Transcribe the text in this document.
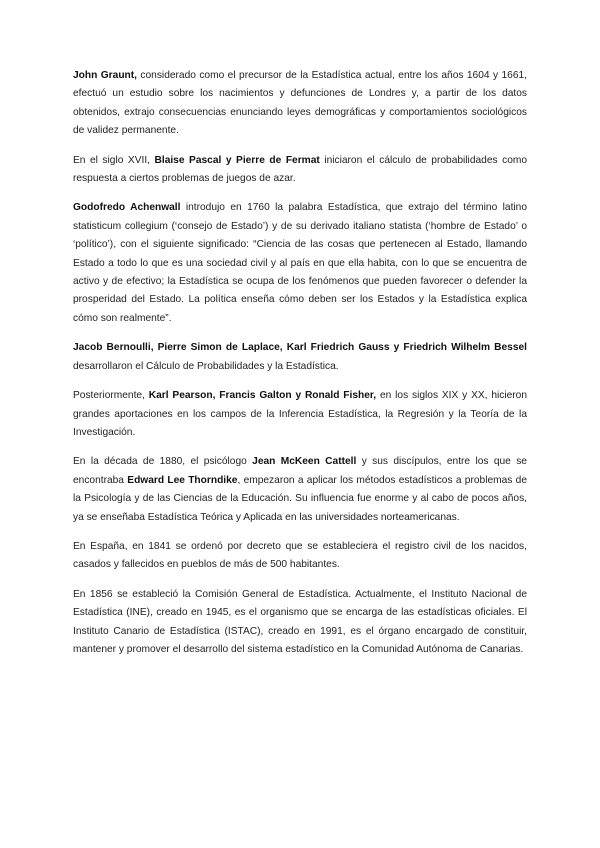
John Graunt, considerado como el precursor de la Estadística actual, entre los años 1604 y 1661, efectuó un estudio sobre los nacimientos y defunciones de Londres y, a partir de los datos obtenidos, extrajo consecuencias enunciando leyes demográficas y comportamientos sociológicos de validez permanente.

En el siglo XVII, Blaise Pascal y Pierre de Fermat iniciaron el cálculo de probabilidades como respuesta a ciertos problemas de juegos de azar.

Godofredo Achenwall introdujo en 1760 la palabra Estadística, que extrajo del término latino statisticum collegium (‘consejo de Estado’) y de su derivado italiano statista (‘hombre de Estado’ o ‘político’), con el siguiente significado: “Ciencia de las cosas que pertenecen al Estado, llamando Estado a todo lo que es una sociedad civil y al país en que ella habita, con lo que se encuentra de activo y de efectivo; la Estadística se ocupa de los fenómenos que pueden favorecer o defender la prosperidad del Estado. La política enseña cómo deben ser los Estados y la Estadística explica cómo son realmente”.

Jacob Bernoulli, Pierre Simon de Laplace, Karl Friedrich Gauss y Friedrich Wilhelm Bessel desarrollaron el Cálculo de Probabilidades y la Estadística.

Posteriormente, Karl Pearson, Francis Galton y Ronald Fisher, en los siglos XIX y XX, hicieron grandes aportaciones en los campos de la Inferencia Estadística, la Regresión y la Teoría de la Investigación.

En la década de 1880, el psicólogo Jean McKeen Cattell y sus discípulos, entre los que se encontraba Edward Lee Thorndike, empezaron a aplicar los métodos estadísticos a problemas de la Psicología y de las Ciencias de la Educación. Su influencia fue enorme y al cabo de pocos años, ya se enseñaba Estadística Teórica y Aplicada en las universidades norteamericanas.

En España, en 1841 se ordenó por decreto que se estableciera el registro civil de los nacidos, casados y fallecidos en pueblos de más de 500 habitantes.

En 1856 se estableció la Comisión General de Estadística. Actualmente, el Instituto Nacional de Estadística (INE), creado en 1945, es el organismo que se encarga de las estadísticas oficiales. El Instituto Canario de Estadística (ISTAC), creado en 1991, es el órgano encargado de constituir, mantener y promover el desarrollo del sistema estadístico en la Comunidad Autónoma de Canarias.
